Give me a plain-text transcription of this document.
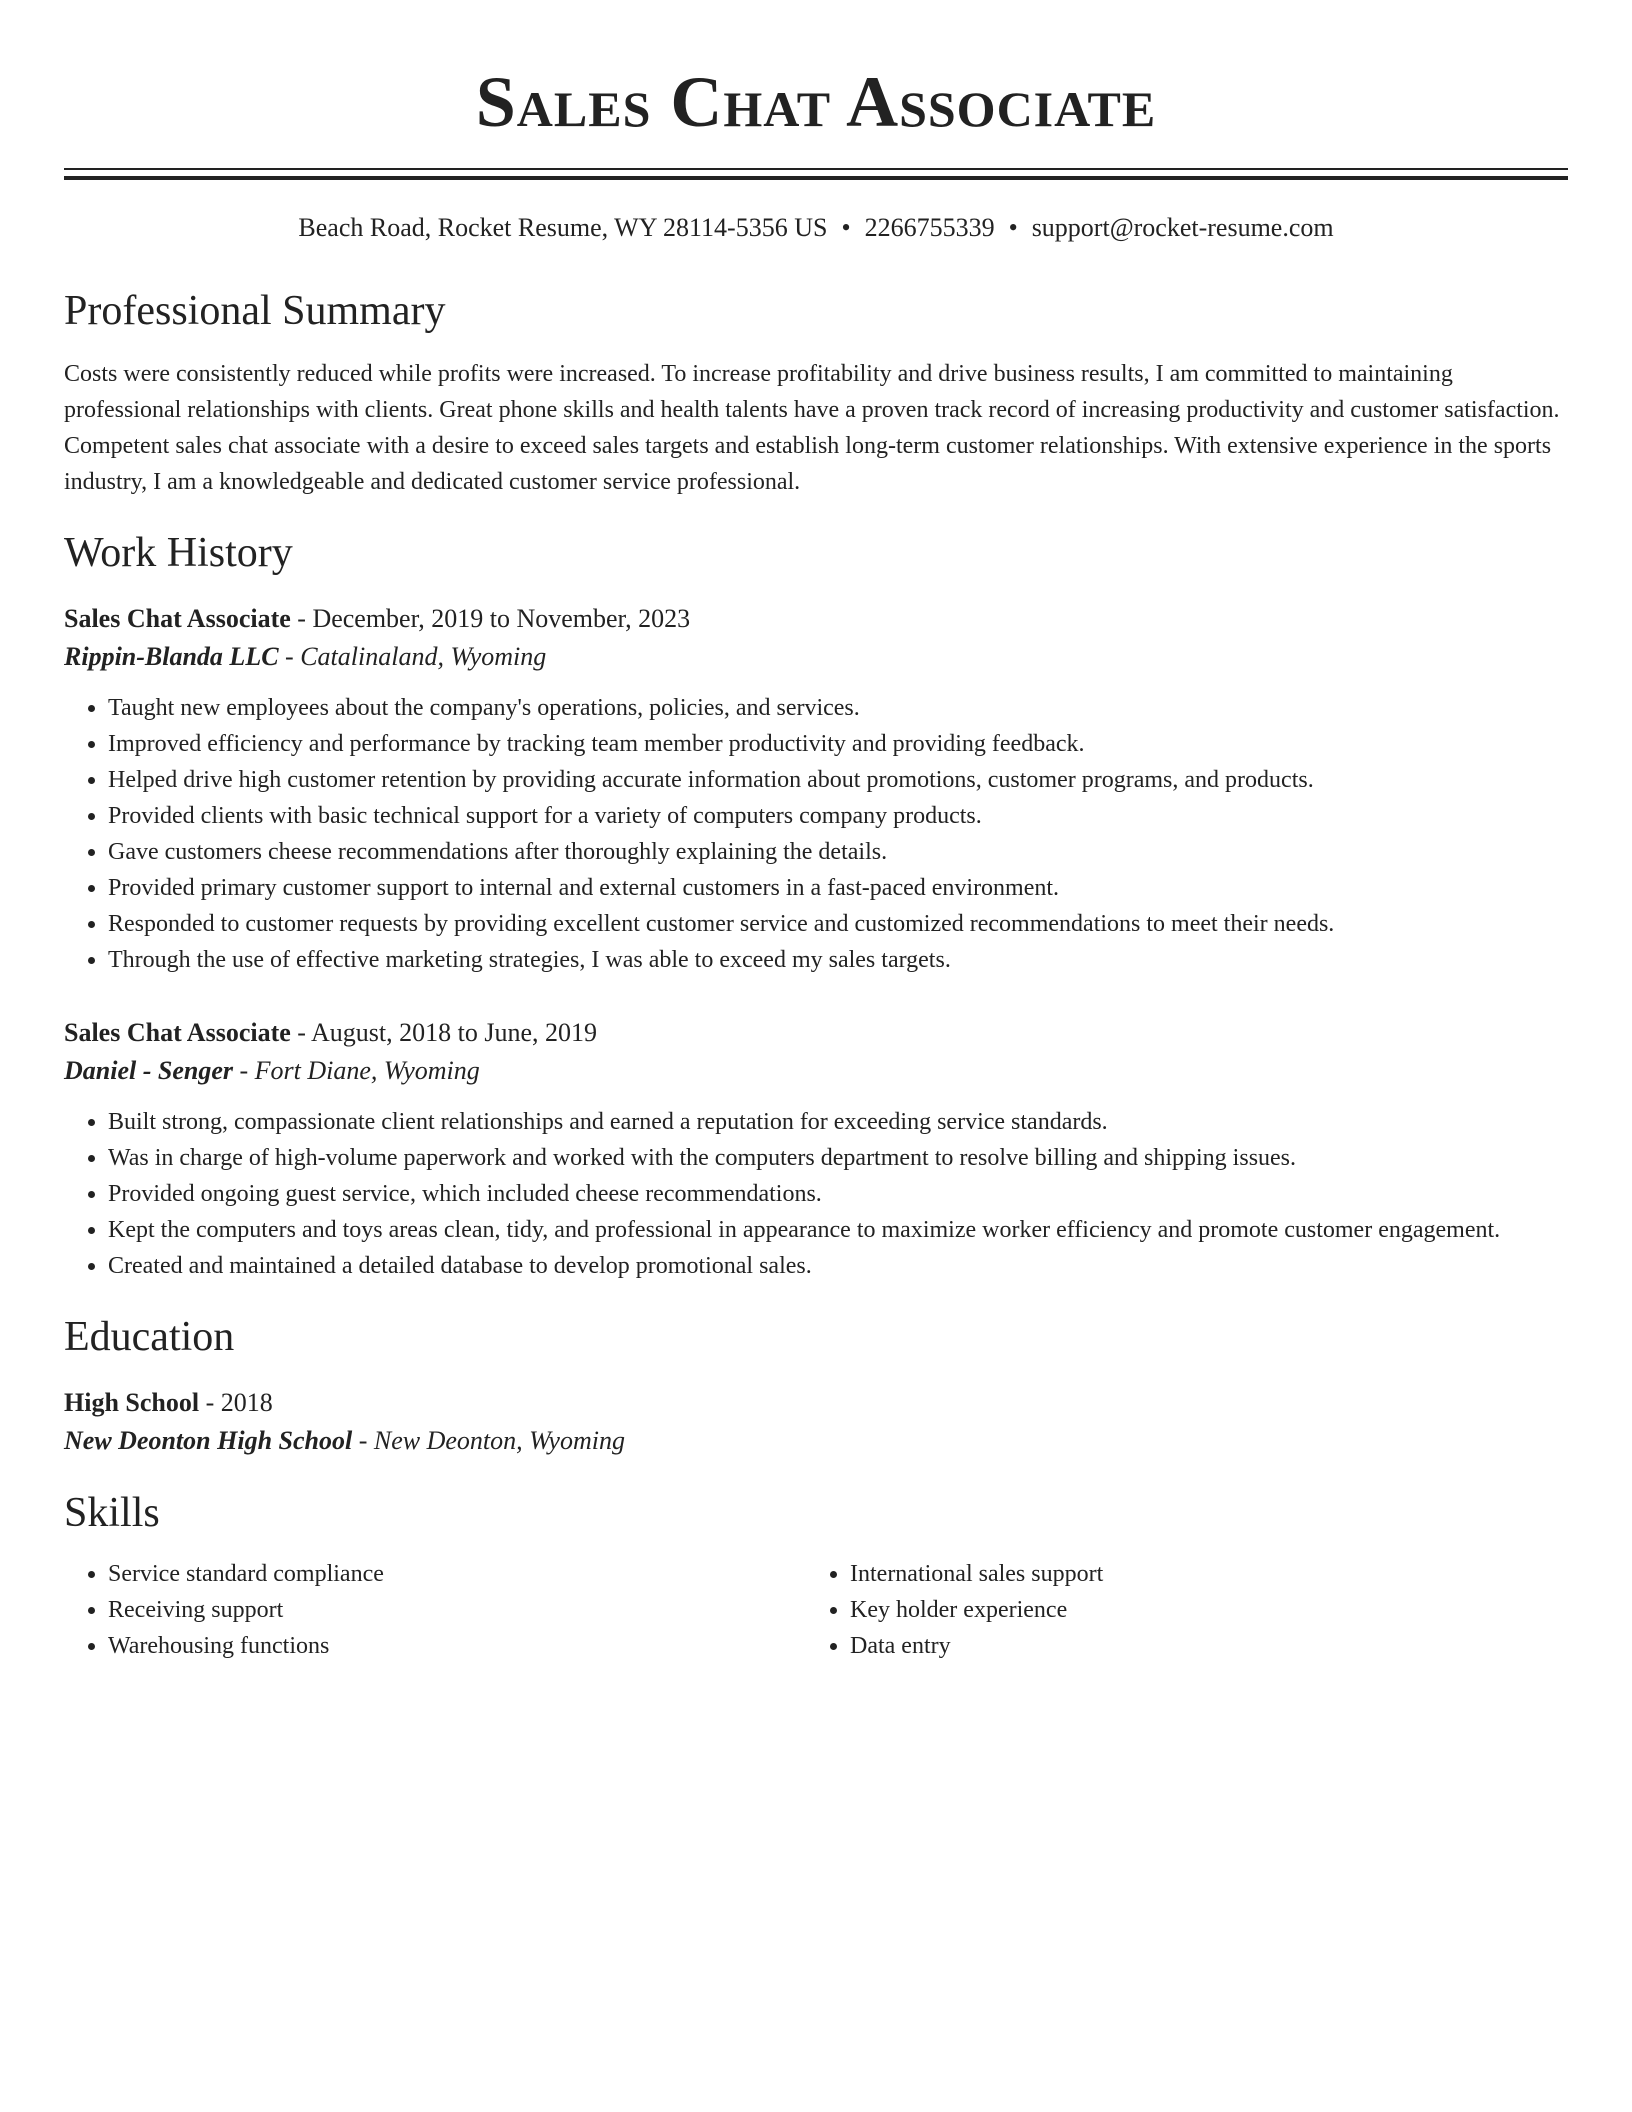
Sales Chat Associate
Beach Road, Rocket Resume, WY 28114-5356 US • 2266755339 • support@rocket-resume.com
Professional Summary

Costs were consistently reduced while profits were increased. To increase profitability and drive business results, I am committed to maintaining professional relationships with clients. Great phone skills and health talents have a proven track record of increasing productivity and customer satisfaction. Competent sales chat associate with a desire to exceed sales targets and establish long-term customer relationships. With extensive experience in the sports industry, I am a knowledgeable and dedicated customer service professional.

Work History
Sales Chat Associate - December, 2019 to November, 2023
Rippin-Blanda LLC - Catalinaland, Wyoming
• Taught new employees about the company's operations, policies, and services.
• Improved efficiency and performance by tracking team member productivity and providing feedback.
• Helped drive high customer retention by providing accurate information about promotions, customer programs, and products.
• Provided clients with basic technical support for a variety of computers company products.
• Gave customers cheese recommendations after thoroughly explaining the details.
• Provided primary customer support to internal and external customers in a fast-paced environment.
• Responded to customer requests by providing excellent customer service and customized recommendations to meet their needs.
• Through the use of effective marketing strategies, I was able to exceed my sales targets.
Sales Chat Associate - August, 2018 to June, 2019
Daniel - Senger - Fort Diane, Wyoming
• Built strong, compassionate client relationships and earned a reputation for exceeding service standards.
• Was in charge of high-volume paperwork and worked with the computers department to resolve billing and shipping issues.
• Provided ongoing guest service, which included cheese recommendations.
• Kept the computers and toys areas clean, tidy, and professional in appearance to maximize worker efficiency and promote customer engagement.
• Created and maintained a detailed database to develop promotional sales.
Education
High School - 2018
New Deonton High School - New Deonton, Wyoming
Skills
• Service standard compliance
• Receiving support
• Warehousing functions
• International sales support
• Key holder experience
• Data entry
